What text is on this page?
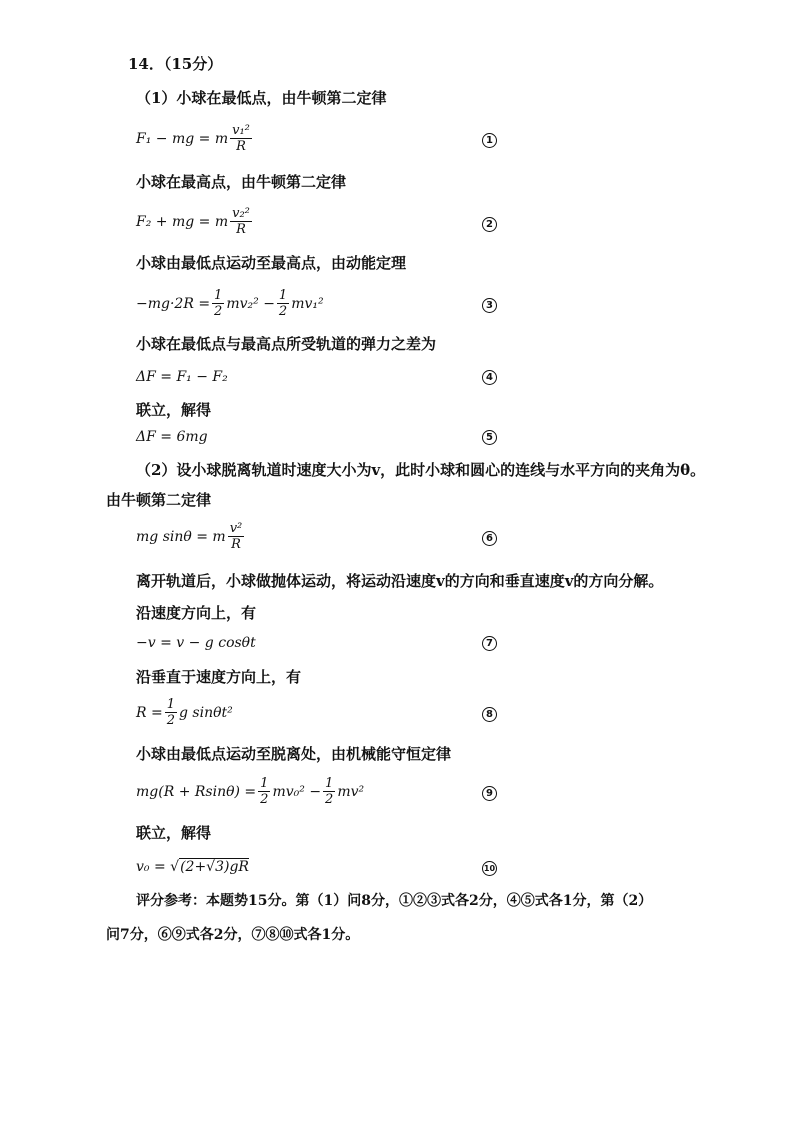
14．（15分）
（1）小球在最低点，由牛顿第二定律
F₁ − mg = m $\frac{\text{v₁²}}{R}$	1
小球在最高点，由牛顿第二定律
F₂ + mg = m $\frac{\text{v₂²}}{R}$	2
小球由最低点运动至最高点，由动能定理
$-mg\cdot 2R = \frac{1}{2} mv_2^2 - \frac{1}{2} mv_1^2$	3
小球在最低点与最高点所受轨道的弹力之差为
ΔF = F₁ − F₂	4
联立，解得
ΔF = 6mg	5
（2）设小球脱离轨道时速度大小为v，此时小球和圆心的连线与水平方向的夹角为θ。
由牛顿第二定律
mg sinθ = m $\frac{\text{v²}}{R}$	6
离开轨道后，小球做抛体运动，将运动沿速度v的方向和垂直速度v的方向分解。
沿速度方向上，有
−v = v − g cosθt	7
沿垂直于速度方向上，有
$R = \frac{1}{2}$ g sinθt²	8
小球由最低点运动至脱离处，由机械能守恒定律
$mg(R + Rsin\theta) = \frac{1}{2} mv_0^2 - \frac{1}{2} mv^2$	9
联立，解得
v₀ = √ (2+√3)gR	10
评分参考：本题势15分。第（1）问8分，①②③式各2分，④⑤式各1分，第（2）
问7分，⑥⑨式各2分，⑦⑧⑩式各1分。
